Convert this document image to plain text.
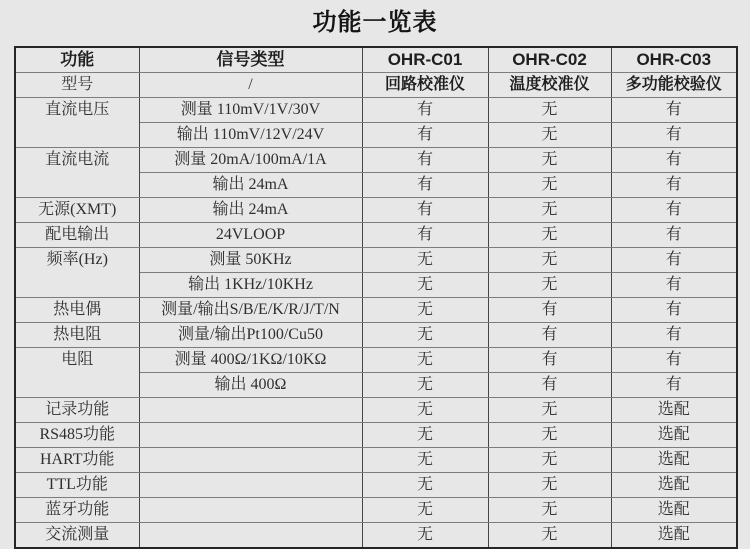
功能一览表
功能	信号类型	OHR-C01	OHR-C02	OHR-C03
型号	/	回路校准仪	温度校准仪	多功能校验仪
直流电压	测量 110mV/1V/30V	有	无	有
	输出 110mV/12V/24V	有	无	有
直流电流	测量 20mA/100mA/1A	有	无	有
	输出 24mA	有	无	有
无源(XMT)	输出 24mA	有	无	有
配电输出	24VLOOP	有	无	有
频率(Hz)	测量 50KHz	无	无	有
	输出 1KHz/10KHz	无	无	有
热电偶	测量/输出S/B/E/K/R/J/T/N	无	有	有
热电阻	测量/输出Pt100/Cu50	无	有	有
电阻	测量 400Ω/1KΩ/10KΩ	无	有	有
	输出 400Ω	无	有	有
记录功能		无	无	选配
RS485功能		无	无	选配
HART功能		无	无	选配
TTL功能		无	无	选配
蓝牙功能		无	无	选配
交流测量		无	无	选配
